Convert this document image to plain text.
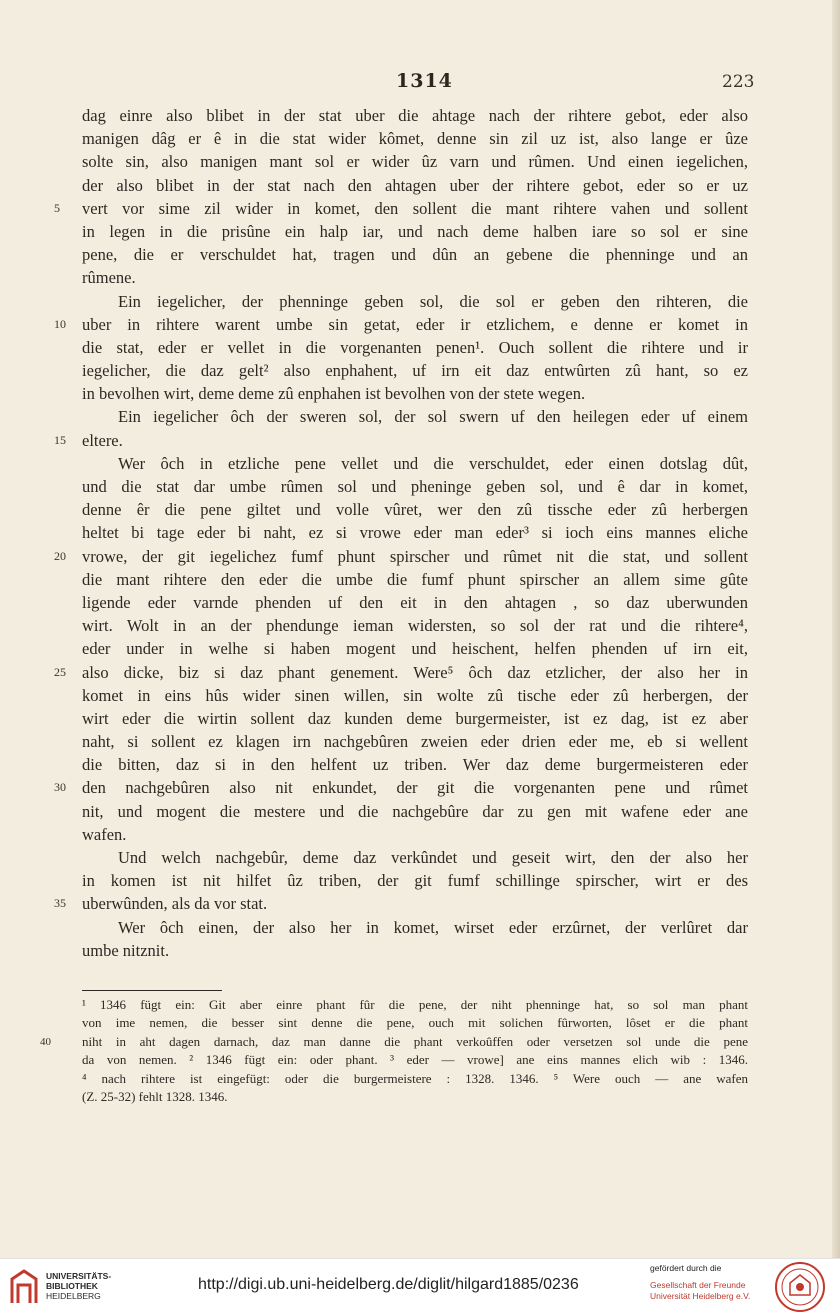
1314	223
dag einre also blibet in der stat uber die ahtage nach der rihtere gebot, eder also
manigen dâg er ê in die stat wider kômet, denne sin zil uz ist, also lange er ûze
solte sin, also manigen mant sol er wider ûz varn und rûmen. Und einen iegelichen,
der also blibet in der stat nach den ahtagen uber der rihtere gebot, eder so er uz
5	vert vor sime zil wider in komet, den sollent die mant rihtere vahen und sollent
in legen in die prisûne ein halp iar, und nach deme halben iare so sol er sine
pene, die er verschuldet hat, tragen und dûn an gebene die phenninge und an
rûmene.
Ein iegelicher, der phenninge geben sol, die sol er geben den rihteren, die
10 uber in rihtere warent umbe sin getat, eder ir etzlichem, e denne er komet in
die stat, eder er vellet in die vorgenanten penen¹. Ouch sollent die rihtere und ir
iegelicher, die daz gelt² also enphahent, uf irn eit daz entwûrten zû hant, so ez
in bevolhen wirt, deme deme zû enphahen ist bevolhen von der stete wegen.
Ein iegelicher ôch der sweren sol, der sol swern uf den heilegen eder uf einem
15 eltere.
Wer ôch in etzliche pene vellet und die verschuldet, eder einen dotslag dût,
und die stat dar umbe rûmen sol und pheninge geben sol, und ê dar in komet,
denne êr die pene giltet und volle vûret, wer den zû tissche eder zû herbergen
heltet bi tage eder bi naht, ez si vrowe eder man eder³ si ioch eins mannes eliche
20 vrowe, der git iegelichez fumf phunt spirscher und rûmet nit die stat, und sollent
die mant rihtere den eder die umbe die fumf phunt spirscher an allem sime gûte
ligende eder varnde phenden uf den eit in den ahtagen , so daz uberwunden
wirt. Wolt in an der phendunge ieman widersten, so sol der rat und die rihtere⁴,
eder under in welhe si haben mogent und heischent, helfen phenden uf irn eit,
25 also dicke, biz si daz phant genement. Were⁵ ôch daz etzlicher, der also her in
komet in eins hûs wider sinen willen, sin wolte zû tische eder zû herbergen, der
wirt eder die wirtin sollent daz kunden deme burgermeister, ist ez dag, ist ez aber
naht, si sollent ez klagen irn nachgebûren zweien eder drien eder me, eb si wellent
die bitten, daz si in den helfent uz triben. Wer daz deme burgermeisteren eder
30 den nachgebûren also nit enkundet, der git die vorgenanten pene und rûmet
nit, und mogent die mestere und die nachgebûre dar zu gen mit wafene eder ane
wafen.
Und welch nachgebûr, deme daz verkûndet und geseit wirt, den der also her
in komen ist nit hilfet ûz triben, der git fumf schillinge spirscher, wirt er des
35 uberwûnden, als da vor stat.
Wer ôch einen, der also her in komet, wirset eder erzûrnet, der verlûret dar
umbe nitznit.
¹ 1346 fügt ein: Git aber einre phant fûr die pene, der niht phenninge hat, so sol man phant
von ime nemen, die besser sint denne die pene, ouch mit solichen fûrworten, lôset er die phant
40	niht in aht dagen darnach, daz man danne die phant verkoûffen oder versetzen sol unde die pene
da von nemen. ² 1346 fügt ein: oder phant. ³ eder — vrowe] ane eins mannes elich wib : 1346.
⁴ nach rihtere ist eingefügt: oder die burgermeistere : 1328. 1346. ⁵ Were ouch — ane wafen
(Z. 25-32) fehlt 1328. 1346.
UNIVERSITÄTS-
BIBLIOTHEK
HEIDELBERG
http://digi.ub.uni-heidelberg.de/diglit/hilgard1885/0236
gefördert durch die
Gesellschaft der Freunde
Universität Heidelberg e.V.
